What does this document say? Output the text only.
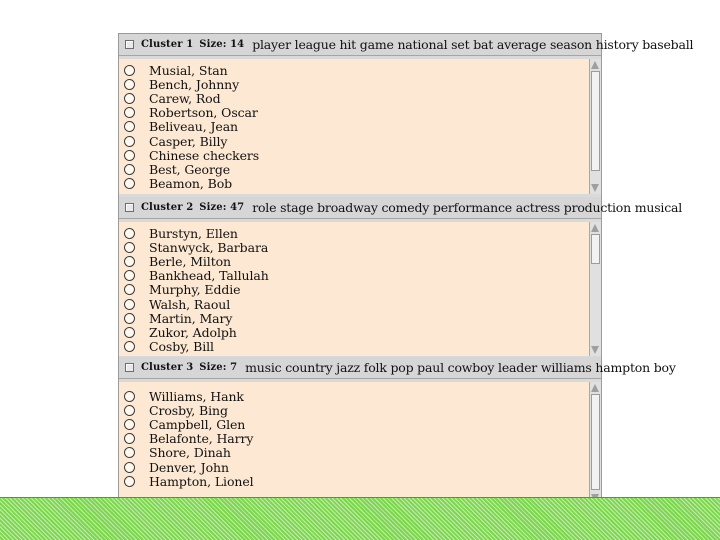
Cluster 1 Size: 14 player league hit game national set bat average season history baseball
Musial, Stan
Bench, Johnny
Carew, Rod
Robertson, Oscar
Beliveau, Jean
Casper, Billy
Chinese checkers
Best, George
Beamon, Bob
Cluster 2 Size: 47 role stage broadway comedy performance actress production musical
Burstyn, Ellen
Stanwyck, Barbara
Berle, Milton
Bankhead, Tallulah
Murphy, Eddie
Walsh, Raoul
Martin, Mary
Zukor, Adolph
Cosby, Bill
Cluster 3 Size: 7 music country jazz folk pop paul cowboy leader williams hampton boy
Williams, Hank
Crosby, Bing
Campbell, Glen
Belafonte, Harry
Shore, Dinah
Denver, John
Hampton, Lionel
